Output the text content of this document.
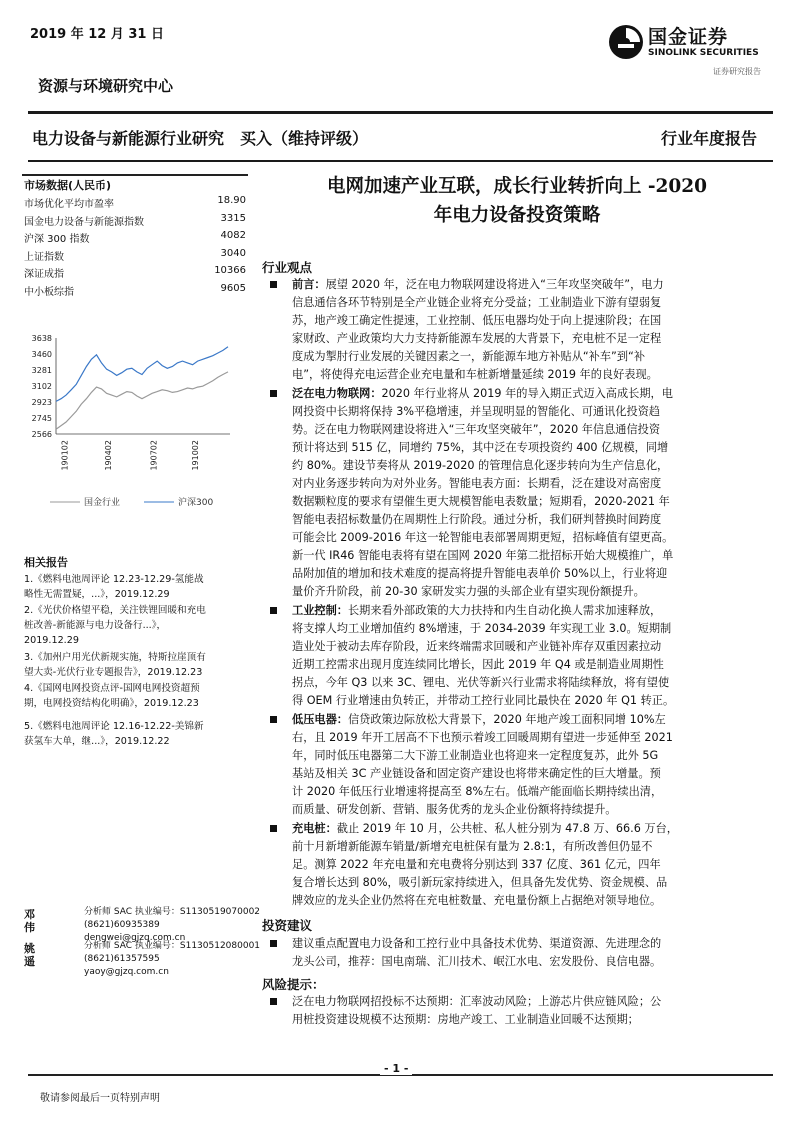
2019 年 12 月 31 日	国金证券
SINOLINK SECURITIES
证券研究报告
资源与环境研究中心
电力设备与新能源行业研究　买入（维持评级）	行业年度报告
市场数据(人民币)
市场优化平均市盈率	18.90
国金电力设备与新能源指数	3315
沪深 300 指数	4082
上证指数	3040
深证成指	10366
中小板综指	9605
3638
3460
3281
3102
2923
2745
2566
190102	190402	190702	191002
国金行业	沪深300
相关报告
1.《燃料电池周评论 12.23-12.29-氢能战
略性无需置疑，...》，2019.12.29
2.《光伏价格望平稳，关注铁锂回暖和充电
桩改善-新能源与电力设备行...》，
2019.12.29
3.《加州户用光伏新规实施，特斯拉崖顶有
望大卖-光伏行业专题报告》，2019.12.23
4.《国网电网投资点评-国网电网投资超预
期，电网投资结构化明确》，2019.12.23
5.《燃料电池周评论 12.16-12.22-美锦新
获氢车大单，继...》，2019.12.22
邓伟
分析师 SAC 执业编号：S1130519070002
(8621)60935389
dengwei@gjzq.com.cn
姚遥
分析师 SAC 执业编号：S1130512080001
(8621)61357595
yaoy@gjzq.com.cn
电网加速产业互联，成长行业转折向上 -2020
年电力设备投资策略
行业观点
投资建议
风险提示：
前言：展望 2020 年，泛在电力物联网建设将进入“三年攻坚突破年”，电力
信息通信各环节特别是全产业链企业将充分受益；工业制造业下游有望弱复
苏，地产竣工确定性提速，工业控制、低压电器均处于向上提速阶段；在国
家财政、产业政策均大力支持新能源车发展的大背景下，充电桩不足一定程
度成为掣肘行业发展的关键因素之一，新能源车地方补贴从“补车”到“补
电”，将使得充电运营企业充电量和车桩新增量延续 2019 年的良好表现。
泛在电力物联网：2020 年行业将从 2019 年的导入期正式迈入高成长期，电
网投资中长期将保持 3%平稳增速，并呈现明显的智能化、可通讯化投资趋
势。泛在电力物联网建设将进入“三年攻坚突破年”，2020 年信息通信投资
预计将达到 515 亿，同增约 75%，其中泛在专项投资约 400 亿规模，同增
约 80%。建设节奏将从 2019-2020 的管理信息化逐步转向为生产信息化，
对内业务逐步转向为对外业务。智能电表方面：长期看，泛在建设对高密度
数据颗粒度的要求有望催生更大规模智能电表数量；短期看，2020-2021 年
智能电表招标数量仍在周期性上行阶段。通过分析，我们研判替换时间跨度
可能会比 2009-2016 年这一轮智能电表部署周期更短，招标峰值有望更高。
新一代 IR46 智能电表将有望在国网 2020 年第二批招标开始大规模推广，单
品附加值的增加和技术难度的提高将提升智能电表单价 50%以上，行业将迎
量价齐升阶段，前 20-30 家研发实力强的头部企业有望实现份额提升。
工业控制：长期来看外部政策的大力扶持和内生自动化换人需求加速释放，
将支撑人均工业增加值约 8%增速，于 2034-2039 年实现工业 3.0。短期制
造业处于被动去库存阶段，近来终端需求回暖和产业链补库存双重因素拉动
近期工控需求出现月度连续同比增长，因此 2019 年 Q4 或是制造业周期性
拐点，今年 Q3 以来 3C、锂电、光伏等新兴行业需求将陆续释放，将有望使
得 OEM 行业增速由负转正，并带动工控行业同比最快在 2020 年 Q1 转正。
低压电器：信贷政策边际放松大背景下，2020 年地产竣工面积同增 10%左
右，且 2019 年开工居高不下也预示着竣工回暖周期有望进一步延伸至 2021
年，同时低压电器第二大下游工业制造业也将迎来一定程度复苏，此外 5G
基站及相关 3C 产业链设备和固定资产建设也将带来确定性的巨大增量。预
计 2020 年低压行业增速将提高至 8%左右。低端产能面临长期持续出清，
而质量、研发创新、营销、服务优秀的龙头企业份额将持续提升。
充电桩：截止 2019 年 10 月，公共桩、私人桩分别为 47.8 万、66.6 万台，
前十月新增新能源车销量/新增充电桩保有量为 2.8:1，有所改善但仍显不
足。测算 2022 年充电量和充电费将分别达到 337 亿度、361 亿元，四年
复合增长达到 80%，吸引新玩家持续进入，但具备先发优势、资金规模、品
牌效应的龙头企业仍然将在充电桩数量、充电量份额上占据绝对领导地位。
建议重点配置电力设备和工控行业中具备技术优势、渠道资源、先进理念的
龙头公司，推荐：国电南瑞、汇川技术、岷江水电、宏发股份、良信电器。
泛在电力物联网招投标不达预期：汇率波动风险；上游芯片供应链风险；公
用桩投资建设规模不达预期：房地产竣工、工业制造业回暖不达预期；
- 1 -
敬请参阅最后一页特别声明
